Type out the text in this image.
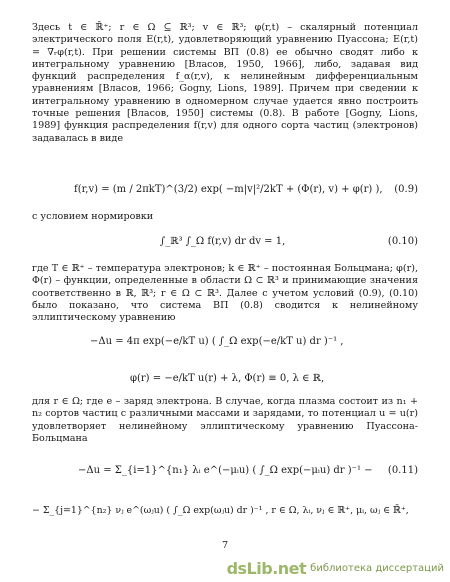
Здесь t ∈ ℝ̄⁺; r ∈ Ω ⊆ ℝ³; v ∈ ℝ³; φ(r,t) – скалярный потенциал электрического поля E(r,t), удовлетворяющий уравнению Пуассона; E(r,t) = ∇ᵣφ(r,t). При решении системы ВП (0.8) ее обычно сводят либо к интегральному уравнению [Власов, 1950, 1966], либо, задавая вид функций распределения f_α(r,v), к нелинейным дифференциальным уравнениям [Власов, 1966; Gogny, Lions, 1989]. Причем при сведении к интегральному уравнению в одномерном случае удается явно построить точные решения [Власов, 1950] системы (0.8). В работе [Gogny, Lions, 1989] функция распределения f(r,v) для одного сорта частиц (электронов) задавалась в виде

f(r,v) = (m / 2πkT)^(3/2) exp( −m|v|²/2kT + (Φ(r), v) + φ(r) ), (0.9)

с условием нормировки

∫_ℝ³ ∫_Ω f(r,v) dr dv = 1,	(0.10)

где T ∈ ℝ⁺ – температура электронов; k ∈ ℝ⁺ – постоянная Больцмана; φ(r), Φ(r) – функции, определенные в области Ω ⊂ ℝ³ и принимающие значения соответственно в ℝ, ℝ³; r ∈ Ω ⊂ ℝ³. Далее с учетом условий (0.9), (0.10) было показано, что система ВП (0.8) сводится к нелинейному эллиптическому уравнению

−Δu = 4π exp(−e/kT u) ( ∫_Ω exp(−e/kT u) dr )⁻¹ ,
φ(r) = −e/kT u(r) + λ, Φ(r) ≡ 0, λ ∈ ℝ,

для r ∈ Ω; где e – заряд электрона. В случае, когда плазма состоит из n₁ + n₂ сортов частиц с различными массами и зарядами, то потенциал u = u(r) удовлетворяет нелинейному эллиптическому уравнению Пуассона-Больцмана

−Δu = Σ_{i=1}^{n₁} λᵢ e^(−μᵢu) ( ∫_Ω exp(−μᵢu) dr )⁻¹ − (0.11)
− Σ_{j=1}^{n₂} νⱼ e^(ωⱼu) ( ∫_Ω exp(ωⱼu) dr )⁻¹ , r ∈ Ω, λᵢ, νⱼ ∈ ℝ⁺, μᵢ, ωⱼ ∈ ℝ̄⁺,
7
dsLib.net библиотека диссертаций
